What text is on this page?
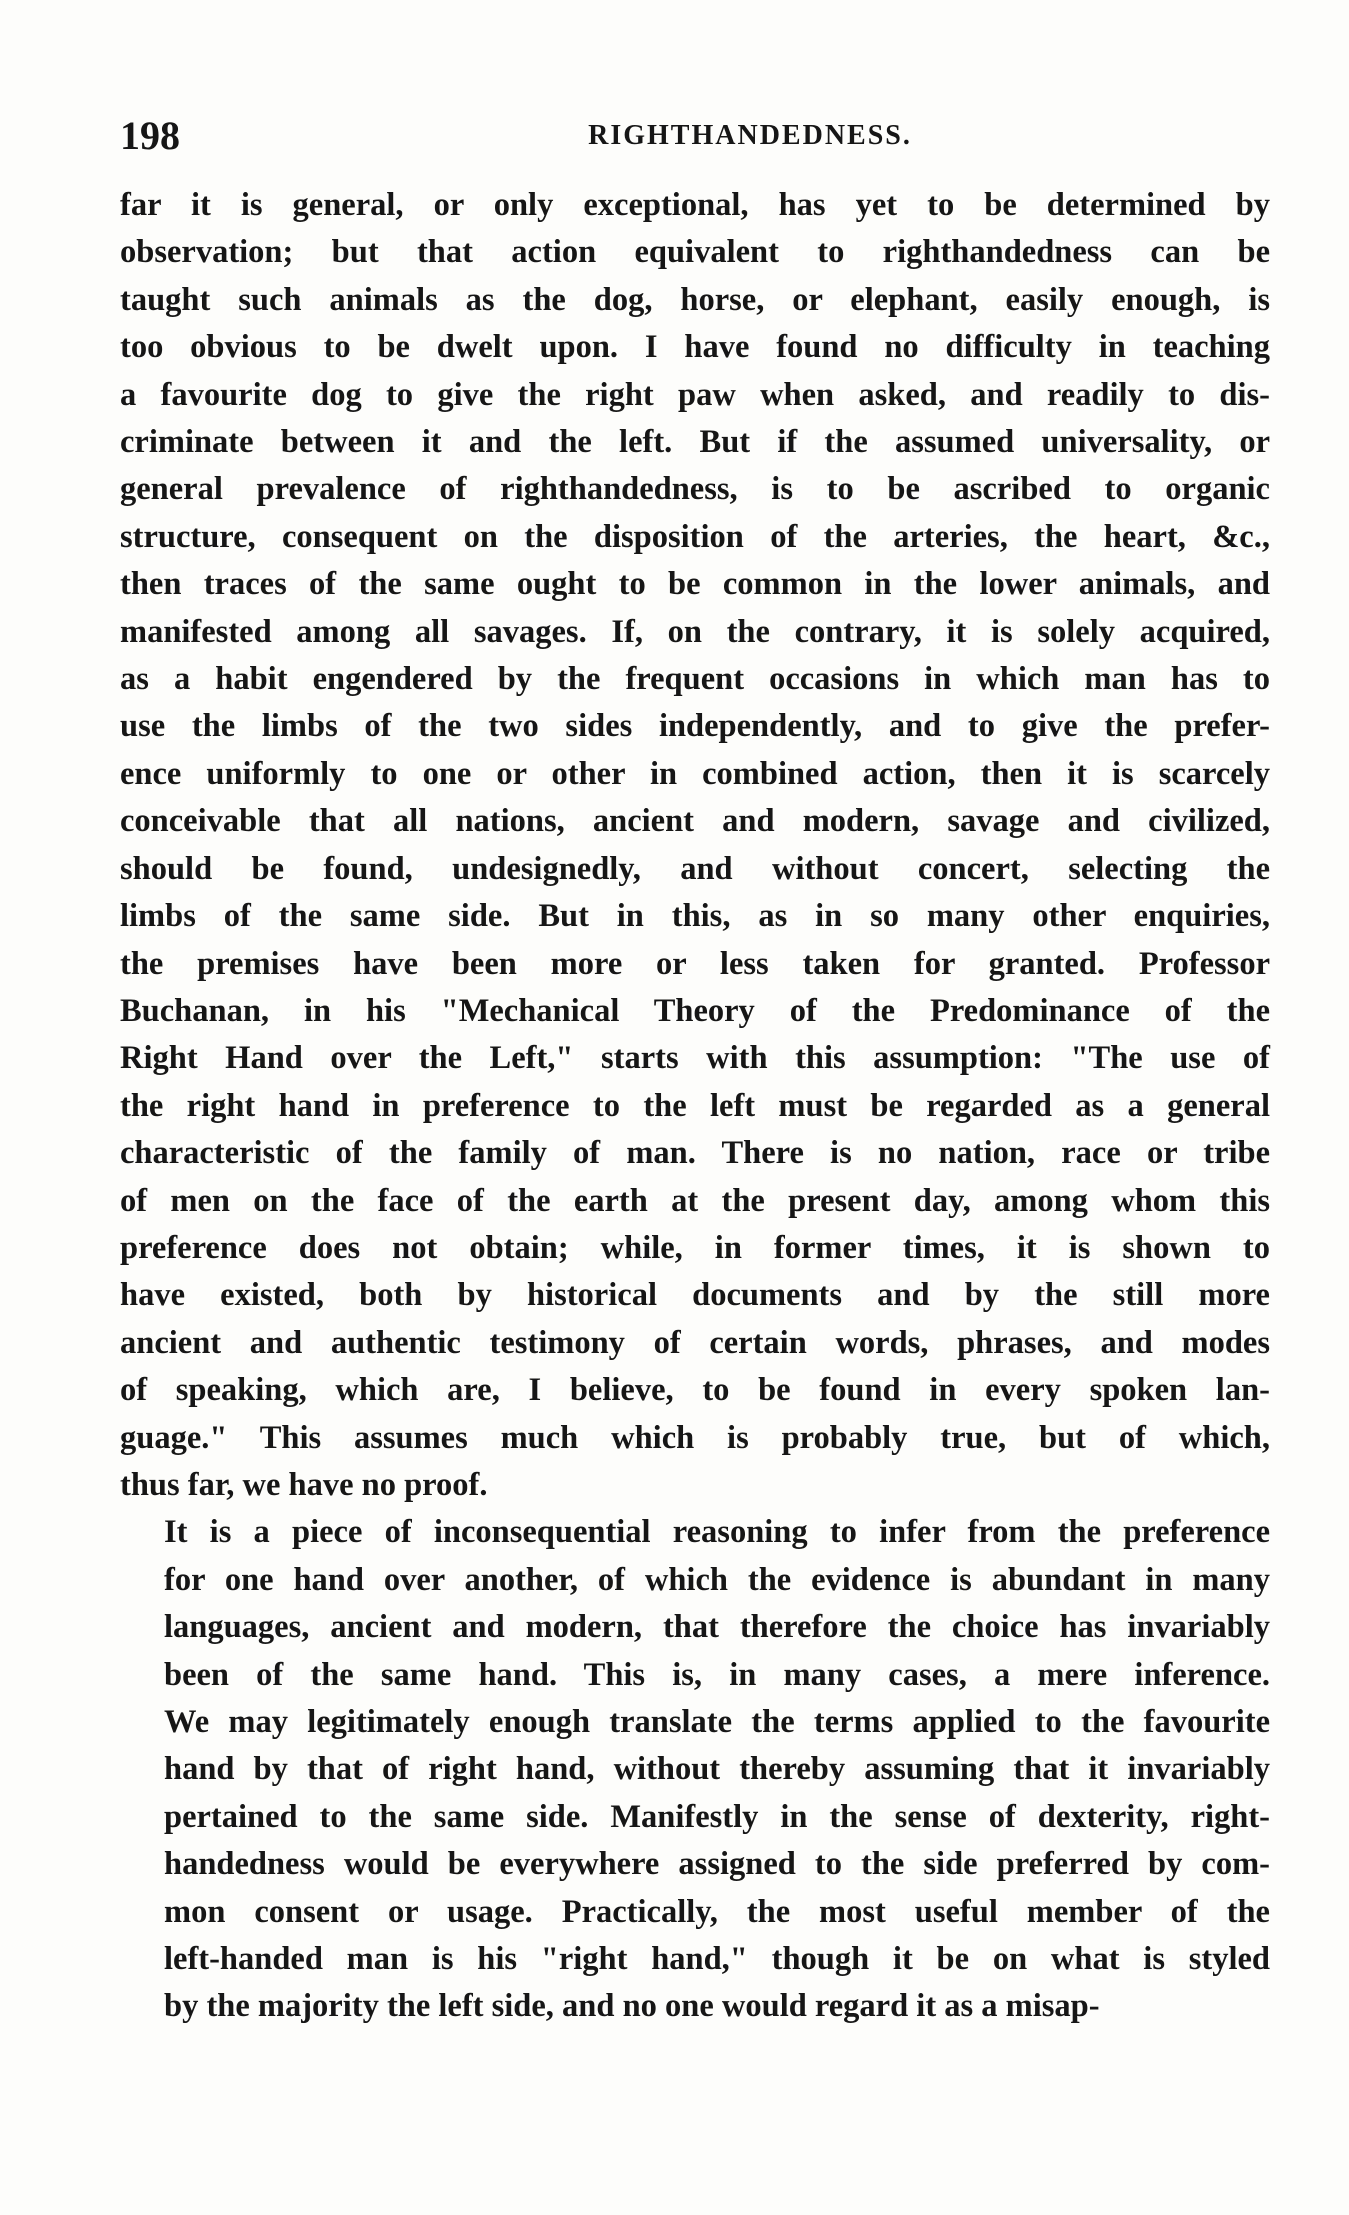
198	RIGHTHANDEDNESS.

far it is general, or only exceptional, has yet to be determined by
observation; but that action equivalent to righthandedness can be
taught such animals as the dog, horse, or elephant, easily enough, is
too obvious to be dwelt upon. I have found no difficulty in teaching
a favourite dog to give the right paw when asked, and readily to dis-
criminate between it and the left. But if the assumed universality, or
general prevalence of righthandedness, is to be ascribed to organic
structure, consequent on the disposition of the arteries, the heart, &c.,
then traces of the same ought to be common in the lower animals, and
manifested among all savages. If, on the contrary, it is solely acquired,
as a habit engendered by the frequent occasions in which man has to
use the limbs of the two sides independently, and to give the prefer-
ence uniformly to one or other in combined action, then it is scarcely
conceivable that all nations, ancient and modern, savage and civilized,
should be found, undesignedly, and without concert, selecting the
limbs of the same side. But in this, as in so many other enquiries,
the premises have been more or less taken for granted. Professor
Buchanan, in his "Mechanical Theory of the Predominance of the
Right Hand over the Left," starts with this assumption: "The use of
the right hand in preference to the left must be regarded as a general
characteristic of the family of man. There is no nation, race or tribe
of men on the face of the earth at the present day, among whom this
preference does not obtain; while, in former times, it is shown to
have existed, both by historical documents and by the still more
ancient and authentic testimony of certain words, phrases, and modes
of speaking, which are, I believe, to be found in every spoken lan-
guage." This assumes much which is probably true, but of which,
thus far, we have no proof.

It is a piece of inconsequential reasoning to infer from the preference
for one hand over another, of which the evidence is abundant in many
languages, ancient and modern, that therefore the choice has invariably
been of the same hand. This is, in many cases, a mere inference.
We may legitimately enough translate the terms applied to the favourite
hand by that of right hand, without thereby assuming that it invariably
pertained to the same side. Manifestly in the sense of dexterity, right-
handedness would be everywhere assigned to the side preferred by com-
mon consent or usage. Practically, the most useful member of the
left-handed man is his "right hand," though it be on what is styled
by the majority the left side, and no one would regard it as a misap-
